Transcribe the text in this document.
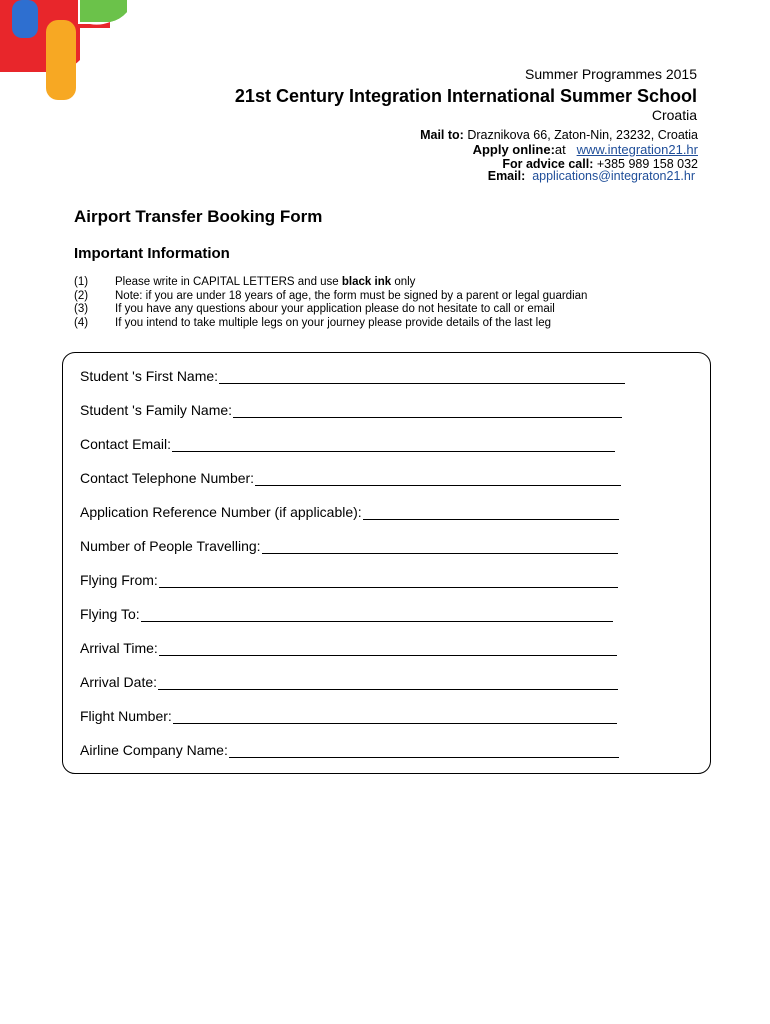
Summer Programmes 2015
21st Century Integration International Summer School
Croatia
Mail to: Draznikova 66, Zaton-Nin, 23232, Croatia
Apply online:at www.integration21.hr
For advice call: +385 989 158 032
Email: applications@integraton21.hr
Airport Transfer Booking Form
Important Information
(1)	Please write in CAPITAL LETTERS and use black ink only
(2)	Note: if you are under 18 years of age, the form must be signed by a parent or legal guardian
(3)	If you have any questions abour your application please do not hesitate to call or email
(4)	If you intend to take multiple legs on your journey please provide details of the last leg
Student 's First Name:
Student 's Family Name:
Contact Email:
Contact Telephone Number:
Application Reference Number (if applicable):
Number of People Travelling:
Flying From:
Flying To:
Arrival Time:
Arrival Date:
Flight Number:
Airline Company Name:
